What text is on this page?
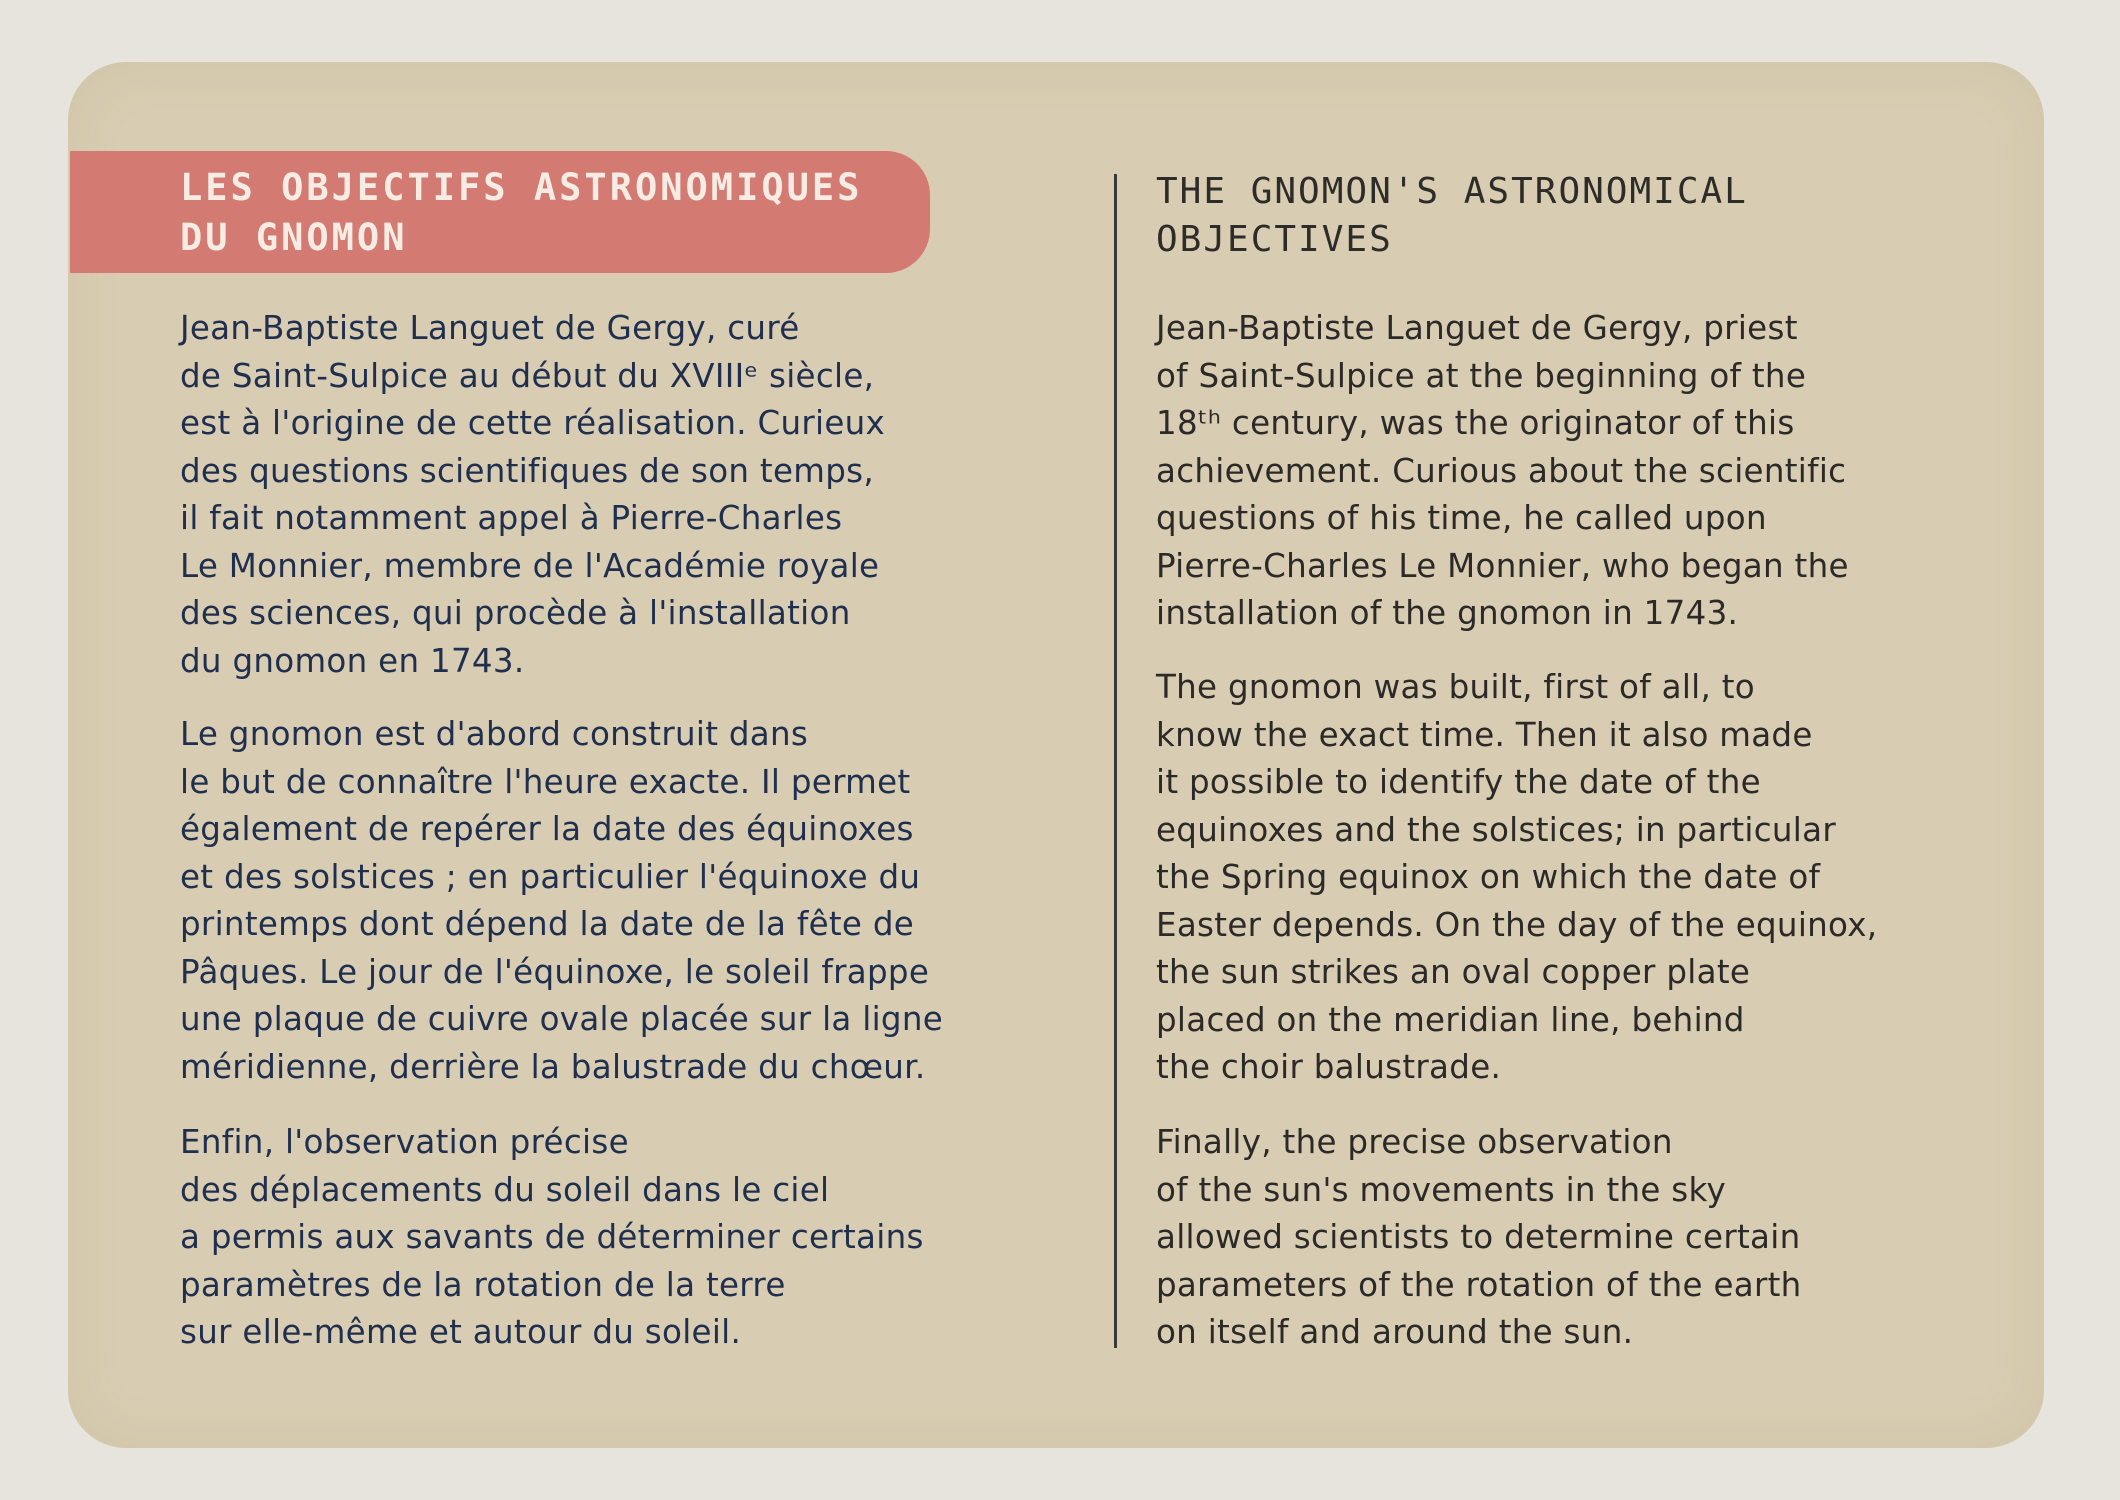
LES OBJECTIFS ASTRONOMIQUES
DU GNOMON
THE GNOMON'S ASTRONOMICAL
OBJECTIVES

Jean-Baptiste Languet de Gergy, curé
de Saint-Sulpice au début du XVIIIᵉ siècle,
est à l'origine de cette réalisation. Curieux
des questions scientifiques de son temps,
il fait notamment appel à Pierre-Charles
Le Monnier, membre de l'Académie royale
des sciences, qui procède à l'installation
du gnomon en 1743.

Le gnomon est d'abord construit dans
le but de connaître l'heure exacte. Il permet
également de repérer la date des équinoxes
et des solstices ; en particulier l'équinoxe du
printemps dont dépend la date de la fête de
Pâques. Le jour de l'équinoxe, le soleil frappe
une plaque de cuivre ovale placée sur la ligne
méridienne, derrière la balustrade du chœur.

Enfin, l'observation précise
des déplacements du soleil dans le ciel
a permis aux savants de déterminer certains
paramètres de la rotation de la terre
sur elle-même et autour du soleil.

Jean-Baptiste Languet de Gergy, priest
of Saint-Sulpice at the beginning of the
18ᵗʰ century, was the originator of this
achievement. Curious about the scientific
questions of his time, he called upon
Pierre-Charles Le Monnier, who began the
installation of the gnomon in 1743.

The gnomon was built, first of all, to
know the exact time. Then it also made
it possible to identify the date of the
equinoxes and the solstices; in particular
the Spring equinox on which the date of
Easter depends. On the day of the equinox,
the sun strikes an oval copper plate
placed on the meridian line, behind
the choir balustrade.

Finally, the precise observation
of the sun's movements in the sky
allowed scientists to determine certain
parameters of the rotation of the earth
on itself and around the sun.
